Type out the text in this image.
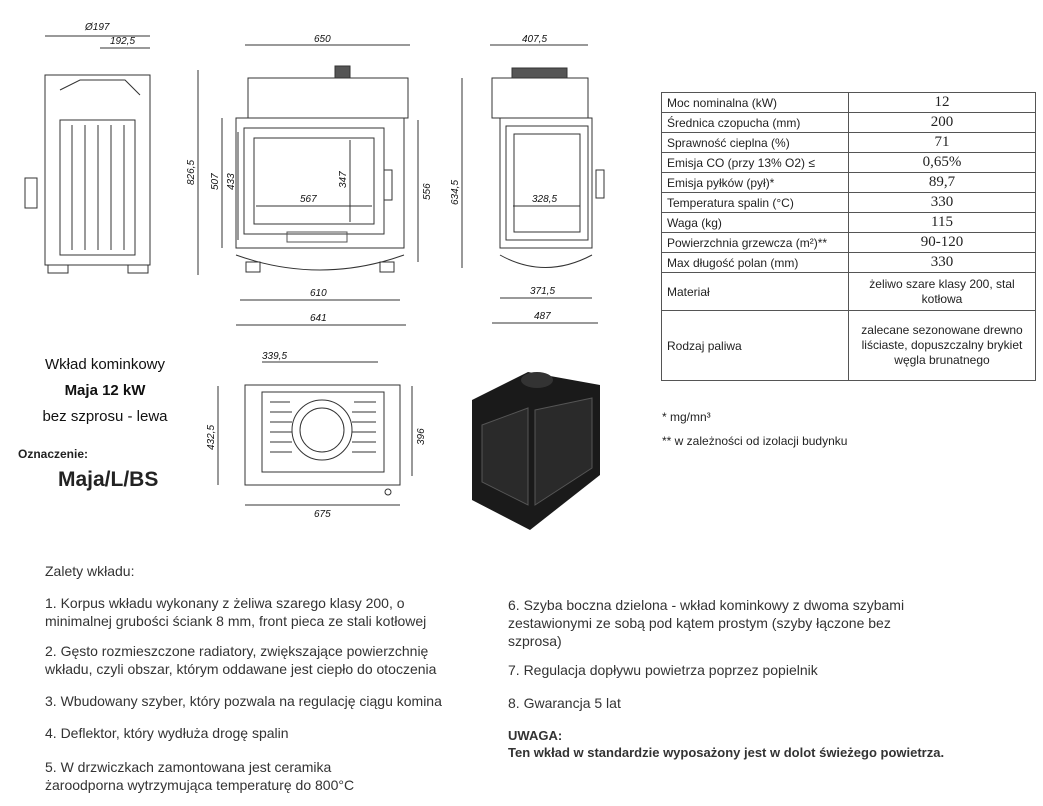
Ø197
192,5	650
826,5 507 433	347
567	556
610
641
407,5
634,5	328,5
371,5
487
339,5
432,5	396
675
Wkład kominkowy
Maja 12 kW
bez szprosu - lewa
Oznaczenie:
Maja/L/BS
Moc nominalna (kW)	12
Średnica czopucha (mm)	200
Sprawność cieplna (%)	71
Emisja CO (przy 13% O2) ≤	0,65%
Emisja pyłków (pył)*	89,7
Temperatura spalin (°C)	330
Waga (kg)	115
Powierzchnia grzewcza (m²)**	90-120
Max długość polan (mm)	330
Materiał	żeliwo szare klasy 200, stal kotłowa
Rodzaj paliwa	zalecane sezonowane drewno liściaste, dopuszczalny brykiet węgla brunatnego
* mg/mn³
** w zależności od izolacji budynku
Zalety wkładu:
1. Korpus wkładu wykonany z żeliwa szarego klasy 200, o minimalnej grubości ściank 8 mm, front pieca ze stali kotłowej
2. Gęsto rozmieszczone radiatory, zwiększające powierzchnię wkładu, czyli obszar, którym oddawane jest ciepło do otoczenia
3. Wbudowany szyber, który pozwala na regulację ciągu komina
4. Deflektor, który wydłuża drogę spalin
5. W drzwiczkach zamontowana jest ceramika żaroodporna wytrzymująca temperaturę do 800°C
6. Szyba boczna dzielona - wkład kominkowy z dwoma szybami zestawionymi ze sobą pod kątem prostym (szyby łączone bez szprosa)
7. Regulacja dopływu powietrza poprzez popielnik
8. Gwarancja 5 lat
UWAGA:
Ten wkład w standardzie wyposażony jest w dolot świeżego powietrza.
